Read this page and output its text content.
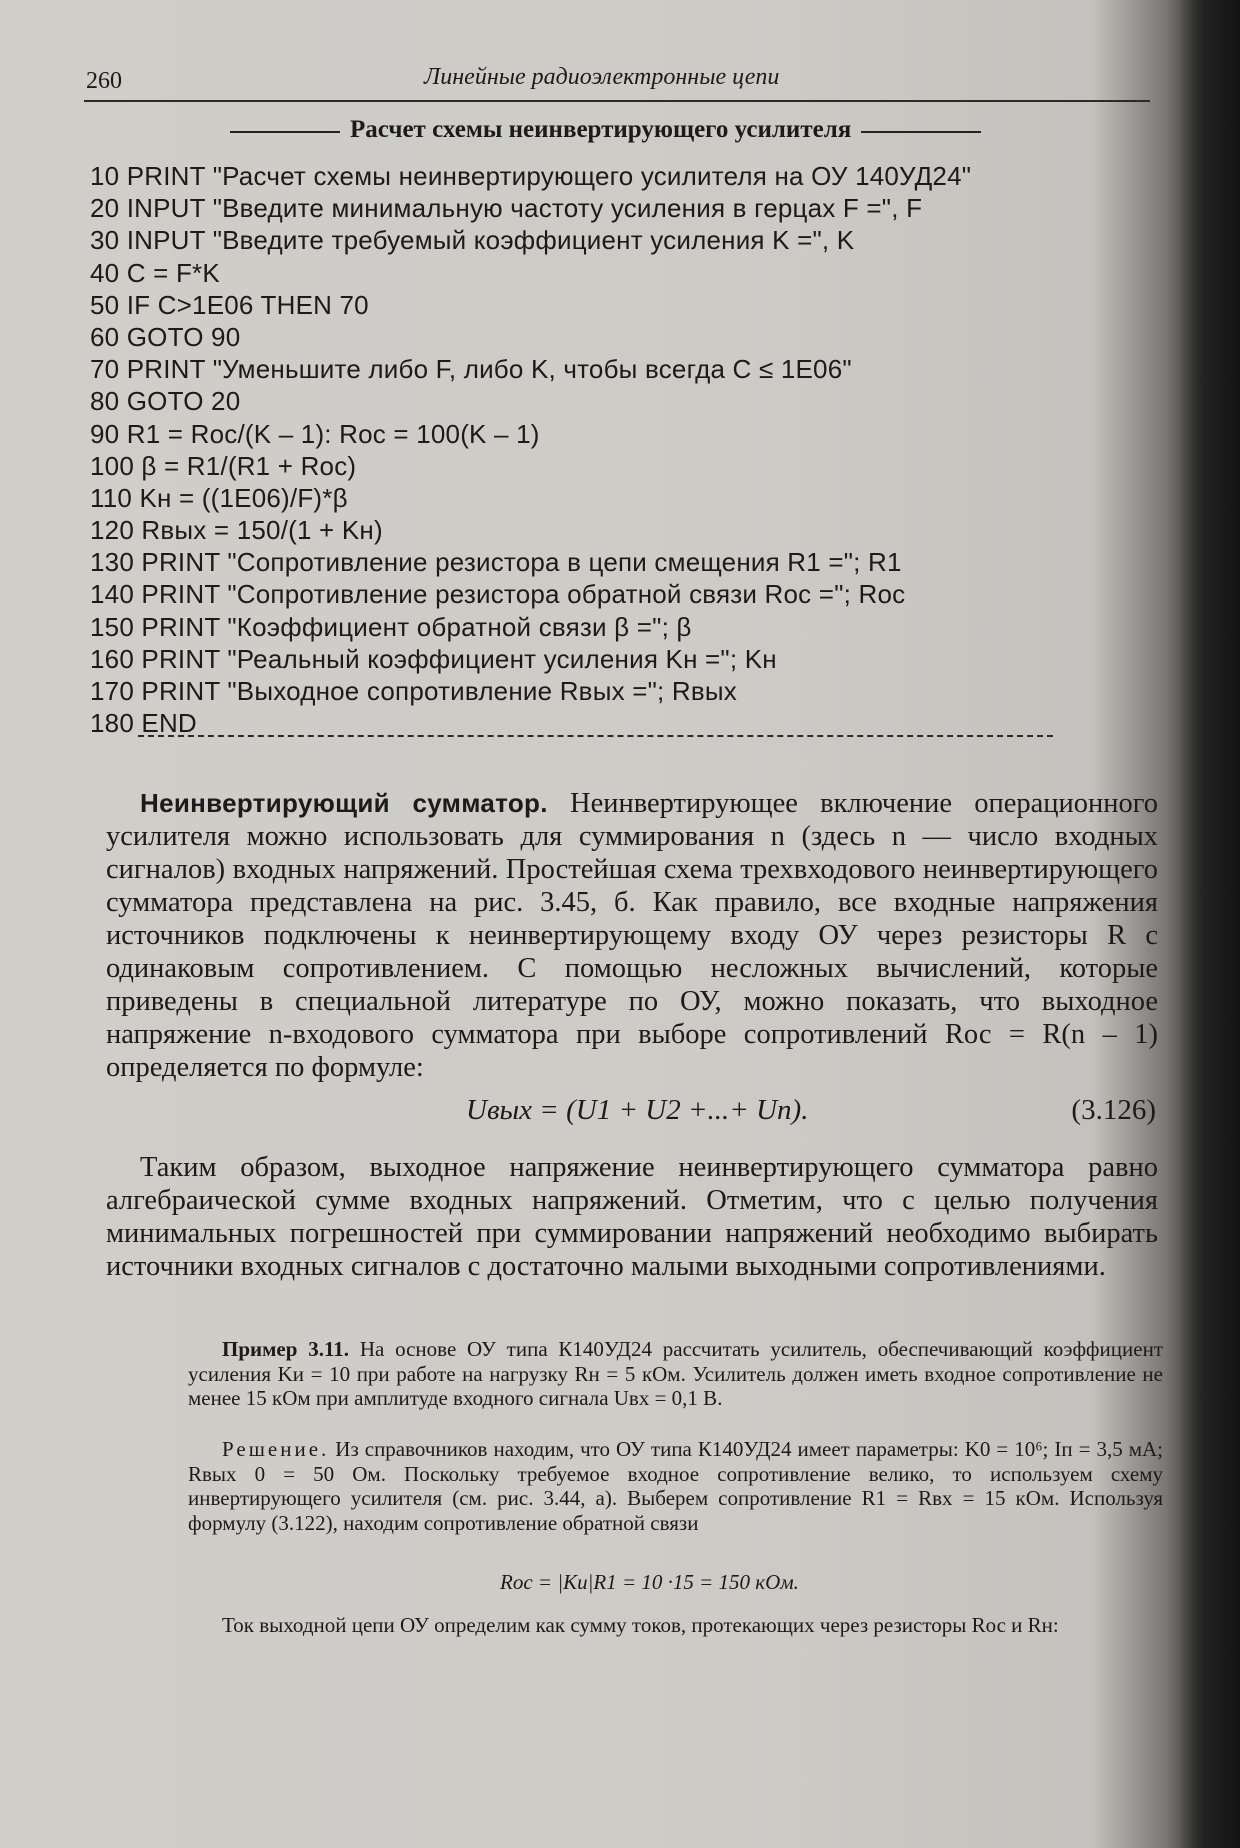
260	Линейные радиоэлектронные цепи
Расчет схемы неинвертирующего усилителя
10 PRINT "Расчет схемы неинвертирующего усилителя на ОУ 140УД24"
20 INPUT "Введите минимальную частоту усиления в герцах F =", F
30 INPUT "Введите требуемый коэффициент усиления K =", K
40 C = F*K
50 IF C>1E06 THEN 70
60 GOTO 90
70 PRINT "Уменьшите либо F, либо K, чтобы всегда C ≤ 1E06"
80 GOTO 20
90 R1 = Roc/(K – 1): Roc = 100(K – 1)
100 β = R1/(R1 + Roc)
110 Kн = ((1E06)/F)*β
120 Rвых = 150/(1 + Kн)
130 PRINT "Сопротивление резистора в цепи смещения R1 ="; R1
140 PRINT "Сопротивление резистора обратной связи Roc ="; Roc
150 PRINT "Коэффициент обратной связи β ="; β
160 PRINT "Реальный коэффициент усиления Kн ="; Kн
170 PRINT "Выходное сопротивление Rвых ="; Rвых
180 END
Неинвертирующий сумматор. Неинвертирующее включение операционного усилителя можно использовать для суммирования n (здесь n — число входных сигналов) входных напряжений. Простейшая схема трехвходового неинвертирующего сумматора представлена на рис. 3.45, б. Как правило, все входные напряжения источников подключены к неинвертирующему входу ОУ через резисторы R с одинаковым сопротивлением. С помощью несложных вычислений, которые приведены в специальной литературе по ОУ, можно показать, что выходное напряжение n-входового сумматора при выборе сопротивлений Rос = R(n – 1) определяется по формуле:
Uвых = (U1 + U2 +...+ Un).	(3.126)
Таким образом, выходное напряжение неинвертирующего сумматора равно алгебраической сумме входных напряжений. Отметим, что с целью получения минимальных погрешностей при суммировании напряжений необходимо выбирать источники входных сигналов с достаточно малыми выходными сопротивлениями.
Пример 3.11. На основе ОУ типа К140УД24 рассчитать усилитель, обеспечивающий коэффициент усиления Kи = 10 при работе на нагрузку Rн = 5 кОм. Усилитель должен иметь входное сопротивление не менее 15 кОм при амплитуде входного сигнала Uвх = 0,1 В.
Решение. Из справочников находим, что ОУ типа К140УД24 имеет параметры: K0 = 10⁶; Iп = 3,5 мА; Rвых 0 = 50 Ом. Поскольку требуемое входное сопротивление велико, то используем схему инвертирующего усилителя (см. рис. 3.44, а). Выберем сопротивление R1 = Rвх = 15 кОм. Используя формулу (3.122), находим сопротивление обратной связи
Rос = |Kи|R1 = 10 ·15 = 150 кОм.
Ток выходной цепи ОУ определим как сумму токов, протекающих через резисторы Rос и Rн:
